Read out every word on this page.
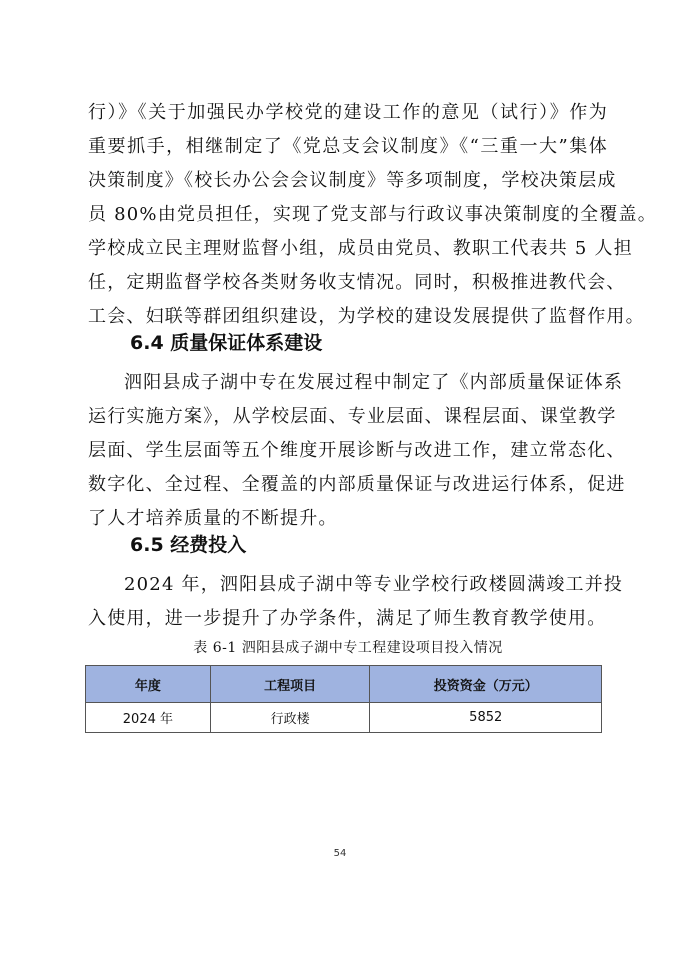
行）》《关于加强民办学校党的建设工作的意见（试行）》作为
重要抓手，相继制定了《党总支会议制度》《“三重一大”集体
决策制度》《校长办公会会议制度》等多项制度，学校决策层成
员 80%由党员担任，实现了党支部与行政议事决策制度的全覆盖。
学校成立民主理财监督小组，成员由党员、教职工代表共 5 人担
任，定期监督学校各类财务收支情况。同时，积极推进教代会、
工会、妇联等群团组织建设，为学校的建设发展提供了监督作用。
6.4 质量保证体系建设
泗阳县成子湖中专在发展过程中制定了《内部质量保证体系
运行实施方案》，从学校层面、专业层面、课程层面、课堂教学
层面、学生层面等五个维度开展诊断与改进工作，建立常态化、
数字化、全过程、全覆盖的内部质量保证与改进运行体系，促进
了人才培养质量的不断提升。
6.5 经费投入
2024 年，泗阳县成子湖中等专业学校行政楼圆满竣工并投
入使用，进一步提升了办学条件，满足了师生教育教学使用。
表 6-1 泗阳县成子湖中专工程建设项目投入情况
年度	工程项目	投资资金（万元）
2024 年	行政楼	5852
54
